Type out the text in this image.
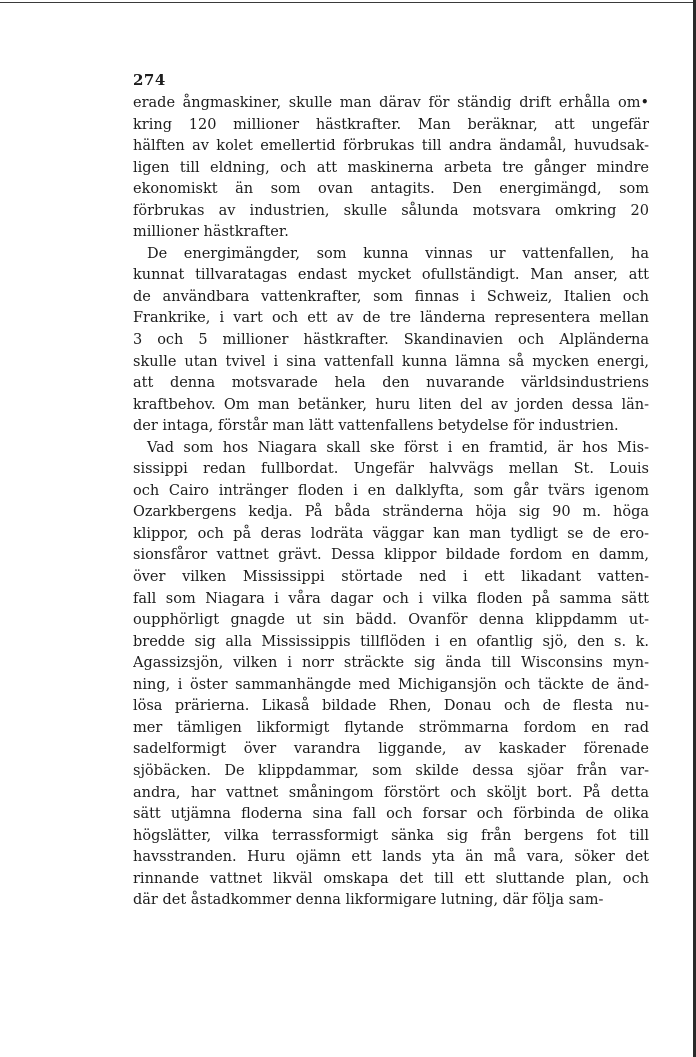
274

erade ångmaskiner, skulle man därav för ständig drift erhålla om•
kring 120 millioner hästkrafter. Man beräknar, att ungefär
hälften av kolet emellertid förbrukas till andra ändamål, huvudsak-
ligen till eldning, och att maskinerna arbeta tre gånger mindre
ekonomiskt än som ovan antagits. Den energimängd, som
förbrukas av industrien, skulle sålunda motsvara omkring 20
millioner hästkrafter.

De energimängder, som kunna vinnas ur vattenfallen, ha
kunnat tillvaratagas endast mycket ofullständigt. Man anser, att
de användbara vattenkrafter, som finnas i Schweiz, Italien och
Frankrike, i vart och ett av de tre länderna representera mellan
3 och 5 millioner hästkrafter. Skandinavien och Alpländerna
skulle utan tvivel i sina vattenfall kunna lämna så mycken energi,
att denna motsvarade hela den nuvarande världsindustriens
kraftbehov. Om man betänker, huru liten del av jorden dessa län-
der intaga, förstår man lätt vattenfallens betydelse för industrien.

Vad som hos Niagara skall ske först i en framtid, är hos Mis-
sissippi redan fullbordat. Ungefär halvvägs mellan St. Louis
och Cairo intränger floden i en dalklyfta, som går tvärs igenom
Ozarkbergens kedja. På båda stränderna höja sig 90 m. höga
klippor, och på deras lodräta väggar kan man tydligt se de ero-
sionsfåror vattnet grävt. Dessa klippor bildade fordom en damm,
över vilken Mississippi störtade ned i ett likadant vatten-
fall som Niagara i våra dagar och i vilka floden på samma sätt
oupphörligt gnagde ut sin bädd. Ovanför denna klippdamm ut-
bredde sig alla Mississippis tillflöden i en ofantlig sjö, den s. k.
Agassizsjön, vilken i norr sträckte sig ända till Wisconsins myn-
ning, i öster sammanhängde med Michigansjön och täckte de änd-
lösa prärierna. Likaså bildade Rhen, Donau och de flesta nu-
mer tämligen likformigt flytande strömmarna fordom en rad
sadelformigt över varandra liggande, av kaskader förenade
sjöbäcken. De klippdammar, som skilde dessa sjöar från var-
andra, har vattnet småningom förstört och sköljt bort. På detta
sätt utjämna floderna sina fall och forsar och förbinda de olika
högslätter, vilka terrassformigt sänka sig från bergens fot till
havsstranden. Huru ojämn ett lands yta än må vara, söker det
rinnande vattnet likväl omskapa det till ett sluttande plan, och
där det åstadkommer denna likformigare lutning, där följa sam-
